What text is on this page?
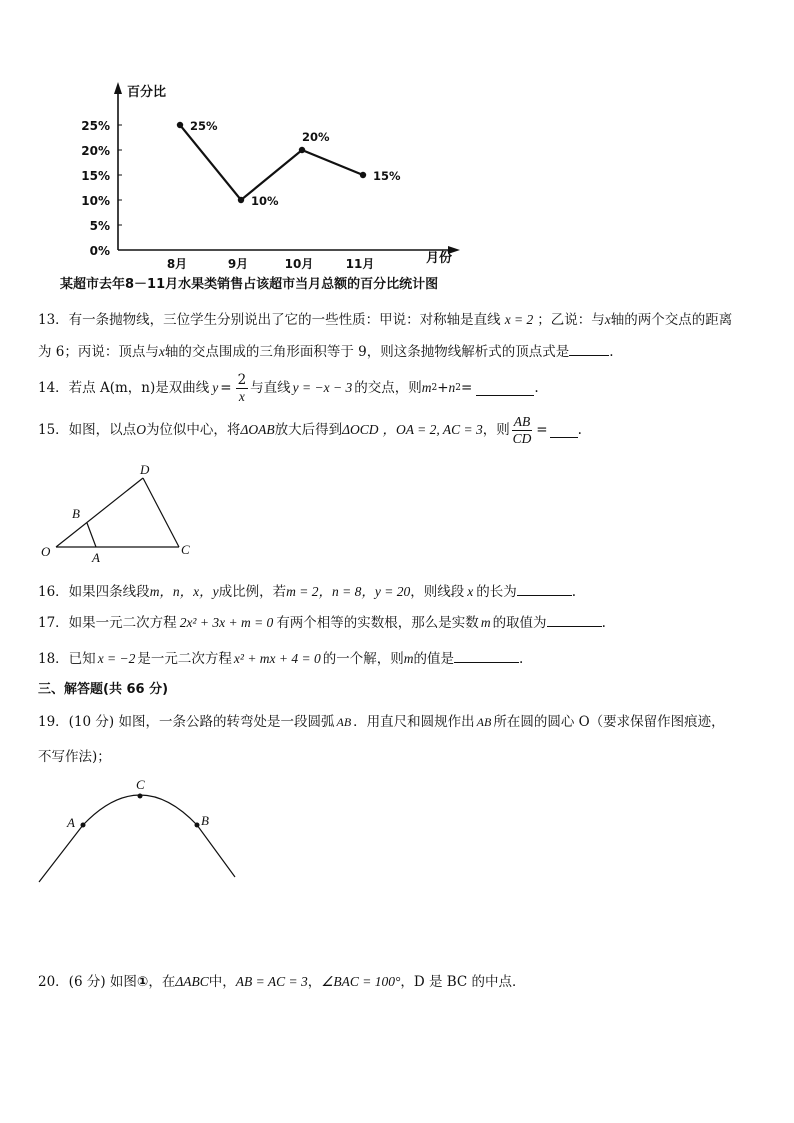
百分比
月份
0%
5%
10%
15%
20%
25%
8月	9月	10月	11月
25%
10%
20%
15%
某超市去年8－11月水果类销售占该超市当月总额的百分比统计图
13．有一条抛物线，三位学生分别说出了它的一些性质：甲说：对称轴是直线 x = 2 ；乙说：与x轴的两个交点的距离
为 6；丙说：顶点与x轴的交点围成的三角形面积等于 9，则这条抛物线解析式的顶点式是	.
14．若点 A(m，n)是双曲线 $y = \frac{2}{x}$ 与直线 y = −x − 3 的交点，则 m 2 + n 2 =	.
15．如图，以点 O 为位似中心，将 ΔOAB 放大后得到 ΔOCD ，OA = 2, AC = 3 ，则 $\frac{AB}{CD}$ = .
D
B
O	A
C
16．如果四条线段m，n，x，y成比例，若m = 2，n = 8，y = 20，则线段 x 的长为	.
17．如果一元二次方程 2x² + 3x + m = 0 有两个相等的实数根，那么是实数 m 的取值为	.
18．已知 x = −2 是一元二次方程 x² + mx + 4 = 0 的一个解，则m的值是	.
三、解答题(共 66 分)
19．(10 分) 如图，一条公路的转弯处是一段圆弧 AB ．用直尺和圆规作出 AB 所在圆的圆心 O（要求保留作图痕迹，
不写作法)；
A
C
B
20．(6 分) 如图①，在ΔABC中，AB = AC = 3，∠BAC = 100°，D 是 BC 的中点．
